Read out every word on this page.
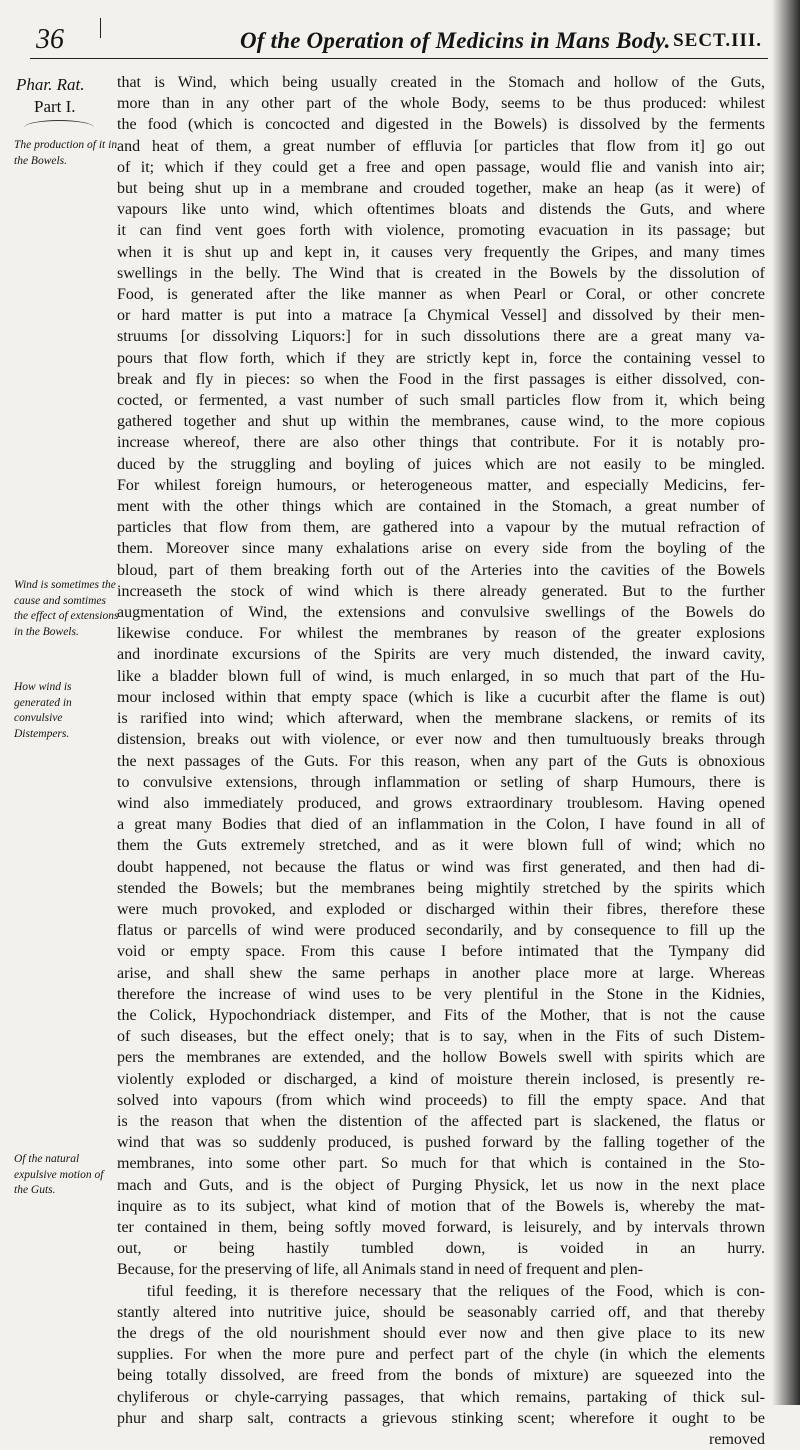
36	Of the Operation of Medicins in Mans Body. SECT.III.
Phar. Rat.
Part I.
The production of it in the Bowels.
Wind is sometimes the cause and somtimes the effect of extensions in the Bowels.
How wind is generated in convulsive Distempers.
Of the natural expulsive motion of the Guts.
that is Wind, which being usually created in the Stomach and hollow of the Guts,
more than in any other part of the whole Body, seems to be thus produced: whilest
the food (which is concocted and digested in the Bowels) is dissolved by the ferments
and heat of them, a great number of effluvia [or particles that flow from it] go out
of it; which if they could get a free and open passage, would flie and vanish into air;
but being shut up in a membrane and crouded together, make an heap (as it were) of
vapours like unto wind, which oftentimes bloats and distends the Guts, and where
it can find vent goes forth with violence, promoting evacuation in its passage; but
when it is shut up and kept in, it causes very frequently the Gripes, and many times
swellings in the belly. The Wind that is created in the Bowels by the dissolution of
Food, is generated after the like manner as when Pearl or Coral, or other concrete
or hard matter is put into a matrace [a Chymical Vessel] and dissolved by their men-
struums [or dissolving Liquors:] for in such dissolutions there are a great many va-
pours that flow forth, which if they are strictly kept in, force the containing vessel to
break and fly in pieces: so when the Food in the first passages is either dissolved, con-
cocted, or fermented, a vast number of such small particles flow from it, which being
gathered together and shut up within the membranes, cause wind, to the more copious
increase whereof, there are also other things that contribute. For it is notably pro-
duced by the struggling and boyling of juices which are not easily to be mingled.
For whilest foreign humours, or heterogeneous matter, and especially Medicins, fer-
ment with the other things which are contained in the Stomach, a great number of
particles that flow from them, are gathered into a vapour by the mutual refraction of
them. Moreover since many exhalations arise on every side from the boyling of the
bloud, part of them breaking forth out of the Arteries into the cavities of the Bowels
increaseth the stock of wind which is there already generated. But to the further
augmentation of Wind, the extensions and convulsive swellings of the Bowels do
likewise conduce. For whilest the membranes by reason of the greater explosions
and inordinate excursions of the Spirits are very much distended, the inward cavity,
like a bladder blown full of wind, is much enlarged, in so much that part of the Hu-
mour inclosed within that empty space (which is like a cucurbit after the flame is out)
is rarified into wind; which afterward, when the membrane slackens, or remits of its
distension, breaks out with violence, or ever now and then tumultuously breaks through
the next passages of the Guts. For this reason, when any part of the Guts is obnoxious
to convulsive extensions, through inflammation or setling of sharp Humours, there is
wind also immediately produced, and grows extraordinary troublesom. Having opened
a great many Bodies that died of an inflammation in the Colon, I have found in all of
them the Guts extremely stretched, and as it were blown full of wind; which no
doubt happened, not because the flatus or wind was first generated, and then had di-
stended the Bowels; but the membranes being mightily stretched by the spirits which
were much provoked, and exploded or discharged within their fibres, therefore these
flatus or parcells of wind were produced secondarily, and by consequence to fill up the
void or empty space. From this cause I before intimated that the Tympany did
arise, and shall shew the same perhaps in another place more at large. Whereas
therefore the increase of wind uses to be very plentiful in the Stone in the Kidnies,
the Colick, Hypochondriack distemper, and Fits of the Mother, that is not the cause
of such diseases, but the effect onely; that is to say, when in the Fits of such Distem-
pers the membranes are extended, and the hollow Bowels swell with spirits which are
violently exploded or discharged, a kind of moisture therein inclosed, is presently re-
solved into vapours (from which wind proceeds) to fill the empty space. And that
is the reason that when the distention of the affected part is slackened, the flatus or
wind that was so suddenly produced, is pushed forward by the falling together of the
membranes, into some other part. So much for that which is contained in the Sto-
mach and Guts, and is the object of Purging Physick, let us now in the next place
inquire as to its subject, what kind of motion that of the Bowels is, whereby the mat-
ter contained in them, being softly moved forward, is leisurely, and by intervals thrown
out, or being hastily tumbled down, is voided in an hurry.
Because, for the preserving of life, all Animals stand in need of frequent and plen-
tiful feeding, it is therefore necessary that the reliques of the Food, which is con-
stantly altered into nutritive juice, should be seasonably carried off, and that thereby
the dregs of the old nourishment should ever now and then give place to its new
supplies. For when the more pure and perfect part of the chyle (in which the elements
being totally dissolved, are freed from the bonds of mixture) are squeezed into the
chyliferous or chyle-carrying passages, that which remains, partaking of thick sul-
phur and sharp salt, contracts a grievous stinking scent; wherefore it ought to be
removed
